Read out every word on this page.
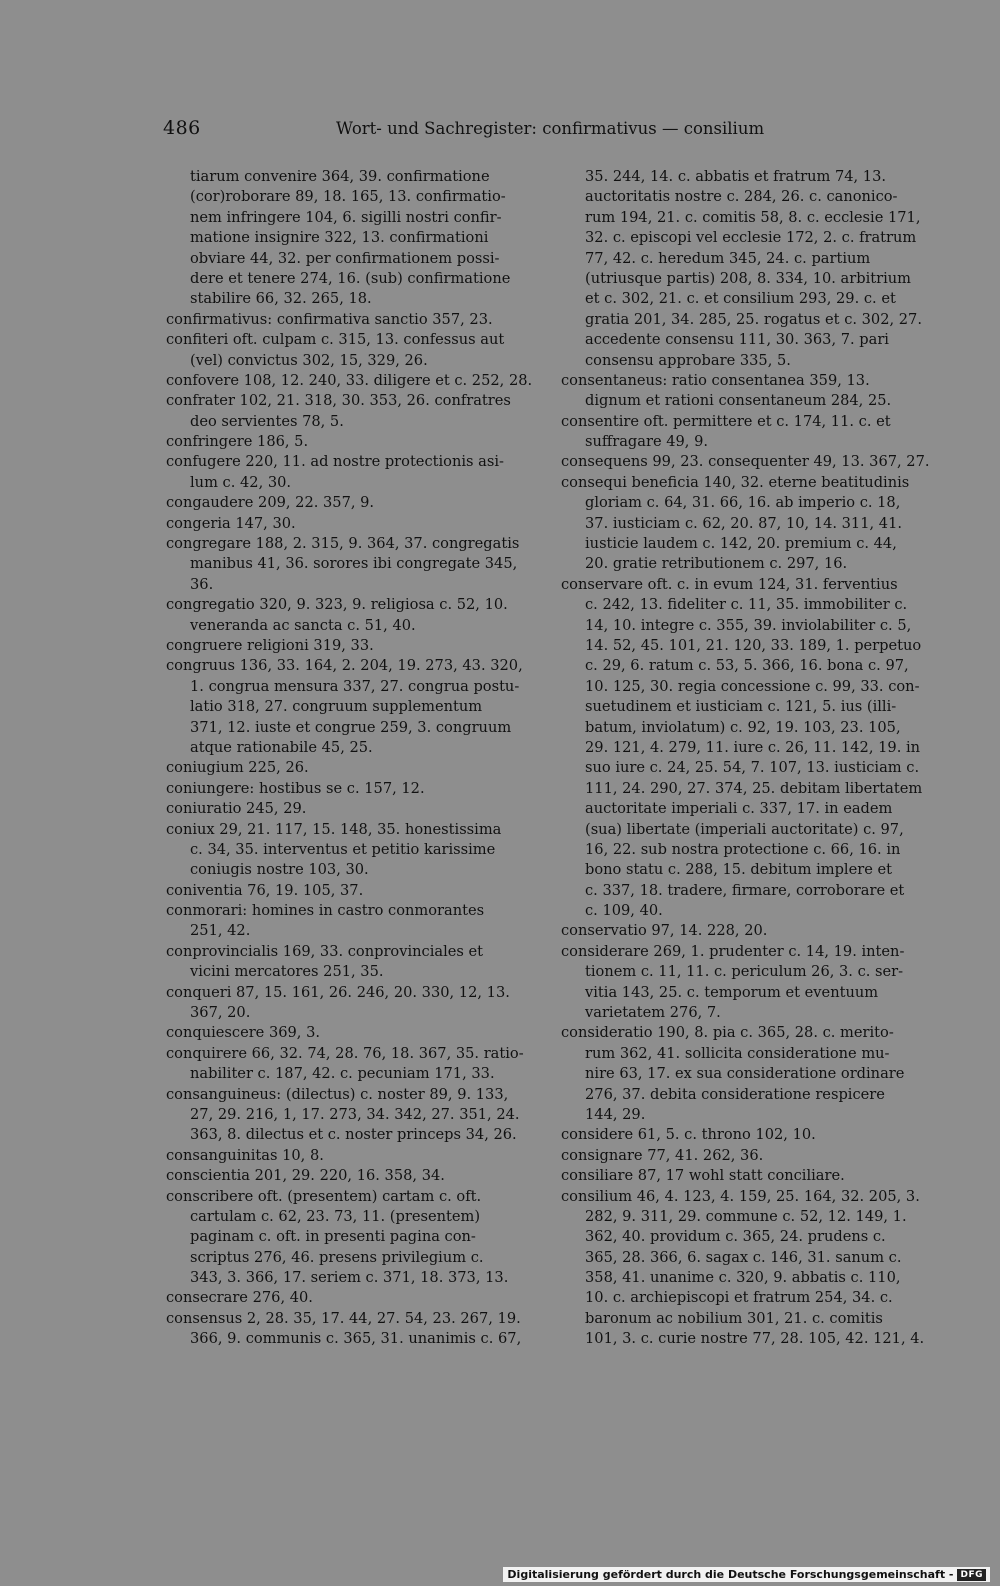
486	Wort- und Sachregister: confirmativus — consilium
tiarum convenire 364, 39. confirmatione
(cor)roborare 89, 18. 165, 13. confirmatio-
nem infringere 104, 6. sigilli nostri confir-
matione insignire 322, 13. confirmationi
obviare 44, 32. per confirmationem possi-
dere et tenere 274, 16. (sub) confirmatione
stabilire 66, 32. 265, 18.
confirmativus: confirmativa sanctio 357, 23.
confiteri oft. culpam c. 315, 13. confessus aut
(vel) convictus 302, 15, 329, 26.
confovere 108, 12. 240, 33. diligere et c. 252, 28.
confrater 102, 21. 318, 30. 353, 26. confratres
deo servientes 78, 5.
confringere 186, 5.
confugere 220, 11. ad nostre protectionis asi-
lum c. 42, 30.
congaudere 209, 22. 357, 9.
congeria 147, 30.
congregare 188, 2. 315, 9. 364, 37. congregatis
manibus 41, 36. sorores ibi congregate 345,
36.
congregatio 320, 9. 323, 9. religiosa c. 52, 10.
veneranda ac sancta c. 51, 40.
congruere religioni 319, 33.
congruus 136, 33. 164, 2. 204, 19. 273, 43. 320,
1. congrua mensura 337, 27. congrua postu-
latio 318, 27. congruum supplementum
371, 12. iuste et congrue 259, 3. congruum
atque rationabile 45, 25.
coniugium 225, 26.
coniungere: hostibus se c. 157, 12.
coniuratio 245, 29.
coniux 29, 21. 117, 15. 148, 35. honestissima
c. 34, 35. interventus et petitio karissime
coniugis nostre 103, 30.
coniventia 76, 19. 105, 37.
conmorari: homines in castro conmorantes
251, 42.
conprovincialis 169, 33. conprovinciales et
vicini mercatores 251, 35.
conqueri 87, 15. 161, 26. 246, 20. 330, 12, 13.
367, 20.
conquiescere 369, 3.
conquirere 66, 32. 74, 28. 76, 18. 367, 35. ratio-
nabiliter c. 187, 42. c. pecuniam 171, 33.
consanguineus: (dilectus) c. noster 89, 9. 133,
27, 29. 216, 1, 17. 273, 34. 342, 27. 351, 24.
363, 8. dilectus et c. noster princeps 34, 26.
consanguinitas 10, 8.
conscientia 201, 29. 220, 16. 358, 34.
conscribere oft. (presentem) cartam c. oft.
cartulam c. 62, 23. 73, 11. (presentem)
paginam c. oft. in presenti pagina con-
scriptus 276, 46. presens privilegium c.
343, 3. 366, 17. seriem c. 371, 18. 373, 13.
consecrare 276, 40.
consensus 2, 28. 35, 17. 44, 27. 54, 23. 267, 19.
366, 9. communis c. 365, 31. unanimis c. 67,
35. 244, 14. c. abbatis et fratrum 74, 13.
auctoritatis nostre c. 284, 26. c. canonico-
rum 194, 21. c. comitis 58, 8. c. ecclesie 171,
32. c. episcopi vel ecclesie 172, 2. c. fratrum
77, 42. c. heredum 345, 24. c. partium
(utriusque partis) 208, 8. 334, 10. arbitrium
et c. 302, 21. c. et consilium 293, 29. c. et
gratia 201, 34. 285, 25. rogatus et c. 302, 27.
accedente consensu 111, 30. 363, 7. pari
consensu approbare 335, 5.
consentaneus: ratio consentanea 359, 13.
dignum et rationi consentaneum 284, 25.
consentire oft. permittere et c. 174, 11. c. et
suffragare 49, 9.
consequens 99, 23. consequenter 49, 13. 367, 27.
consequi beneficia 140, 32. eterne beatitudinis
gloriam c. 64, 31. 66, 16. ab imperio c. 18,
37. iusticiam c. 62, 20. 87, 10, 14. 311, 41.
iusticie laudem c. 142, 20. premium c. 44,
20. gratie retributionem c. 297, 16.
conservare oft. c. in evum 124, 31. ferventius
c. 242, 13. fideliter c. 11, 35. immobiliter c.
14, 10. integre c. 355, 39. inviolabiliter c. 5,
14. 52, 45. 101, 21. 120, 33. 189, 1. perpetuo
c. 29, 6. ratum c. 53, 5. 366, 16. bona c. 97,
10. 125, 30. regia concessione c. 99, 33. con-
suetudinem et iusticiam c. 121, 5. ius (illi-
batum, inviolatum) c. 92, 19. 103, 23. 105,
29. 121, 4. 279, 11. iure c. 26, 11. 142, 19. in
suo iure c. 24, 25. 54, 7. 107, 13. iusticiam c.
111, 24. 290, 27. 374, 25. debitam libertatem
auctoritate imperiali c. 337, 17. in eadem
(sua) libertate (imperiali auctoritate) c. 97,
16, 22. sub nostra protectione c. 66, 16. in
bono statu c. 288, 15. debitum implere et
c. 337, 18. tradere, firmare, corroborare et
c. 109, 40.
conservatio 97, 14. 228, 20.
considerare 269, 1. prudenter c. 14, 19. inten-
tionem c. 11, 11. c. periculum 26, 3. c. ser-
vitia 143, 25. c. temporum et eventuum
varietatem 276, 7.
consideratio 190, 8. pia c. 365, 28. c. merito-
rum 362, 41. sollicita consideratione mu-
nire 63, 17. ex sua consideratione ordinare
276, 37. debita consideratione respicere
144, 29.
considere 61, 5. c. throno 102, 10.
consignare 77, 41. 262, 36.
consiliare 87, 17 wohl statt conciliare.
consilium 46, 4. 123, 4. 159, 25. 164, 32. 205, 3.
282, 9. 311, 29. commune c. 52, 12. 149, 1.
362, 40. providum c. 365, 24. prudens c.
365, 28. 366, 6. sagax c. 146, 31. sanum c.
358, 41. unanime c. 320, 9. abbatis c. 110,
10. c. archiepiscopi et fratrum 254, 34. c.
baronum ac nobilium 301, 21. c. comitis
101, 3. c. curie nostre 77, 28. 105, 42. 121, 4.
Digitalisierung gefördert durch die Deutsche Forschungsgemeinschaft - DFG
